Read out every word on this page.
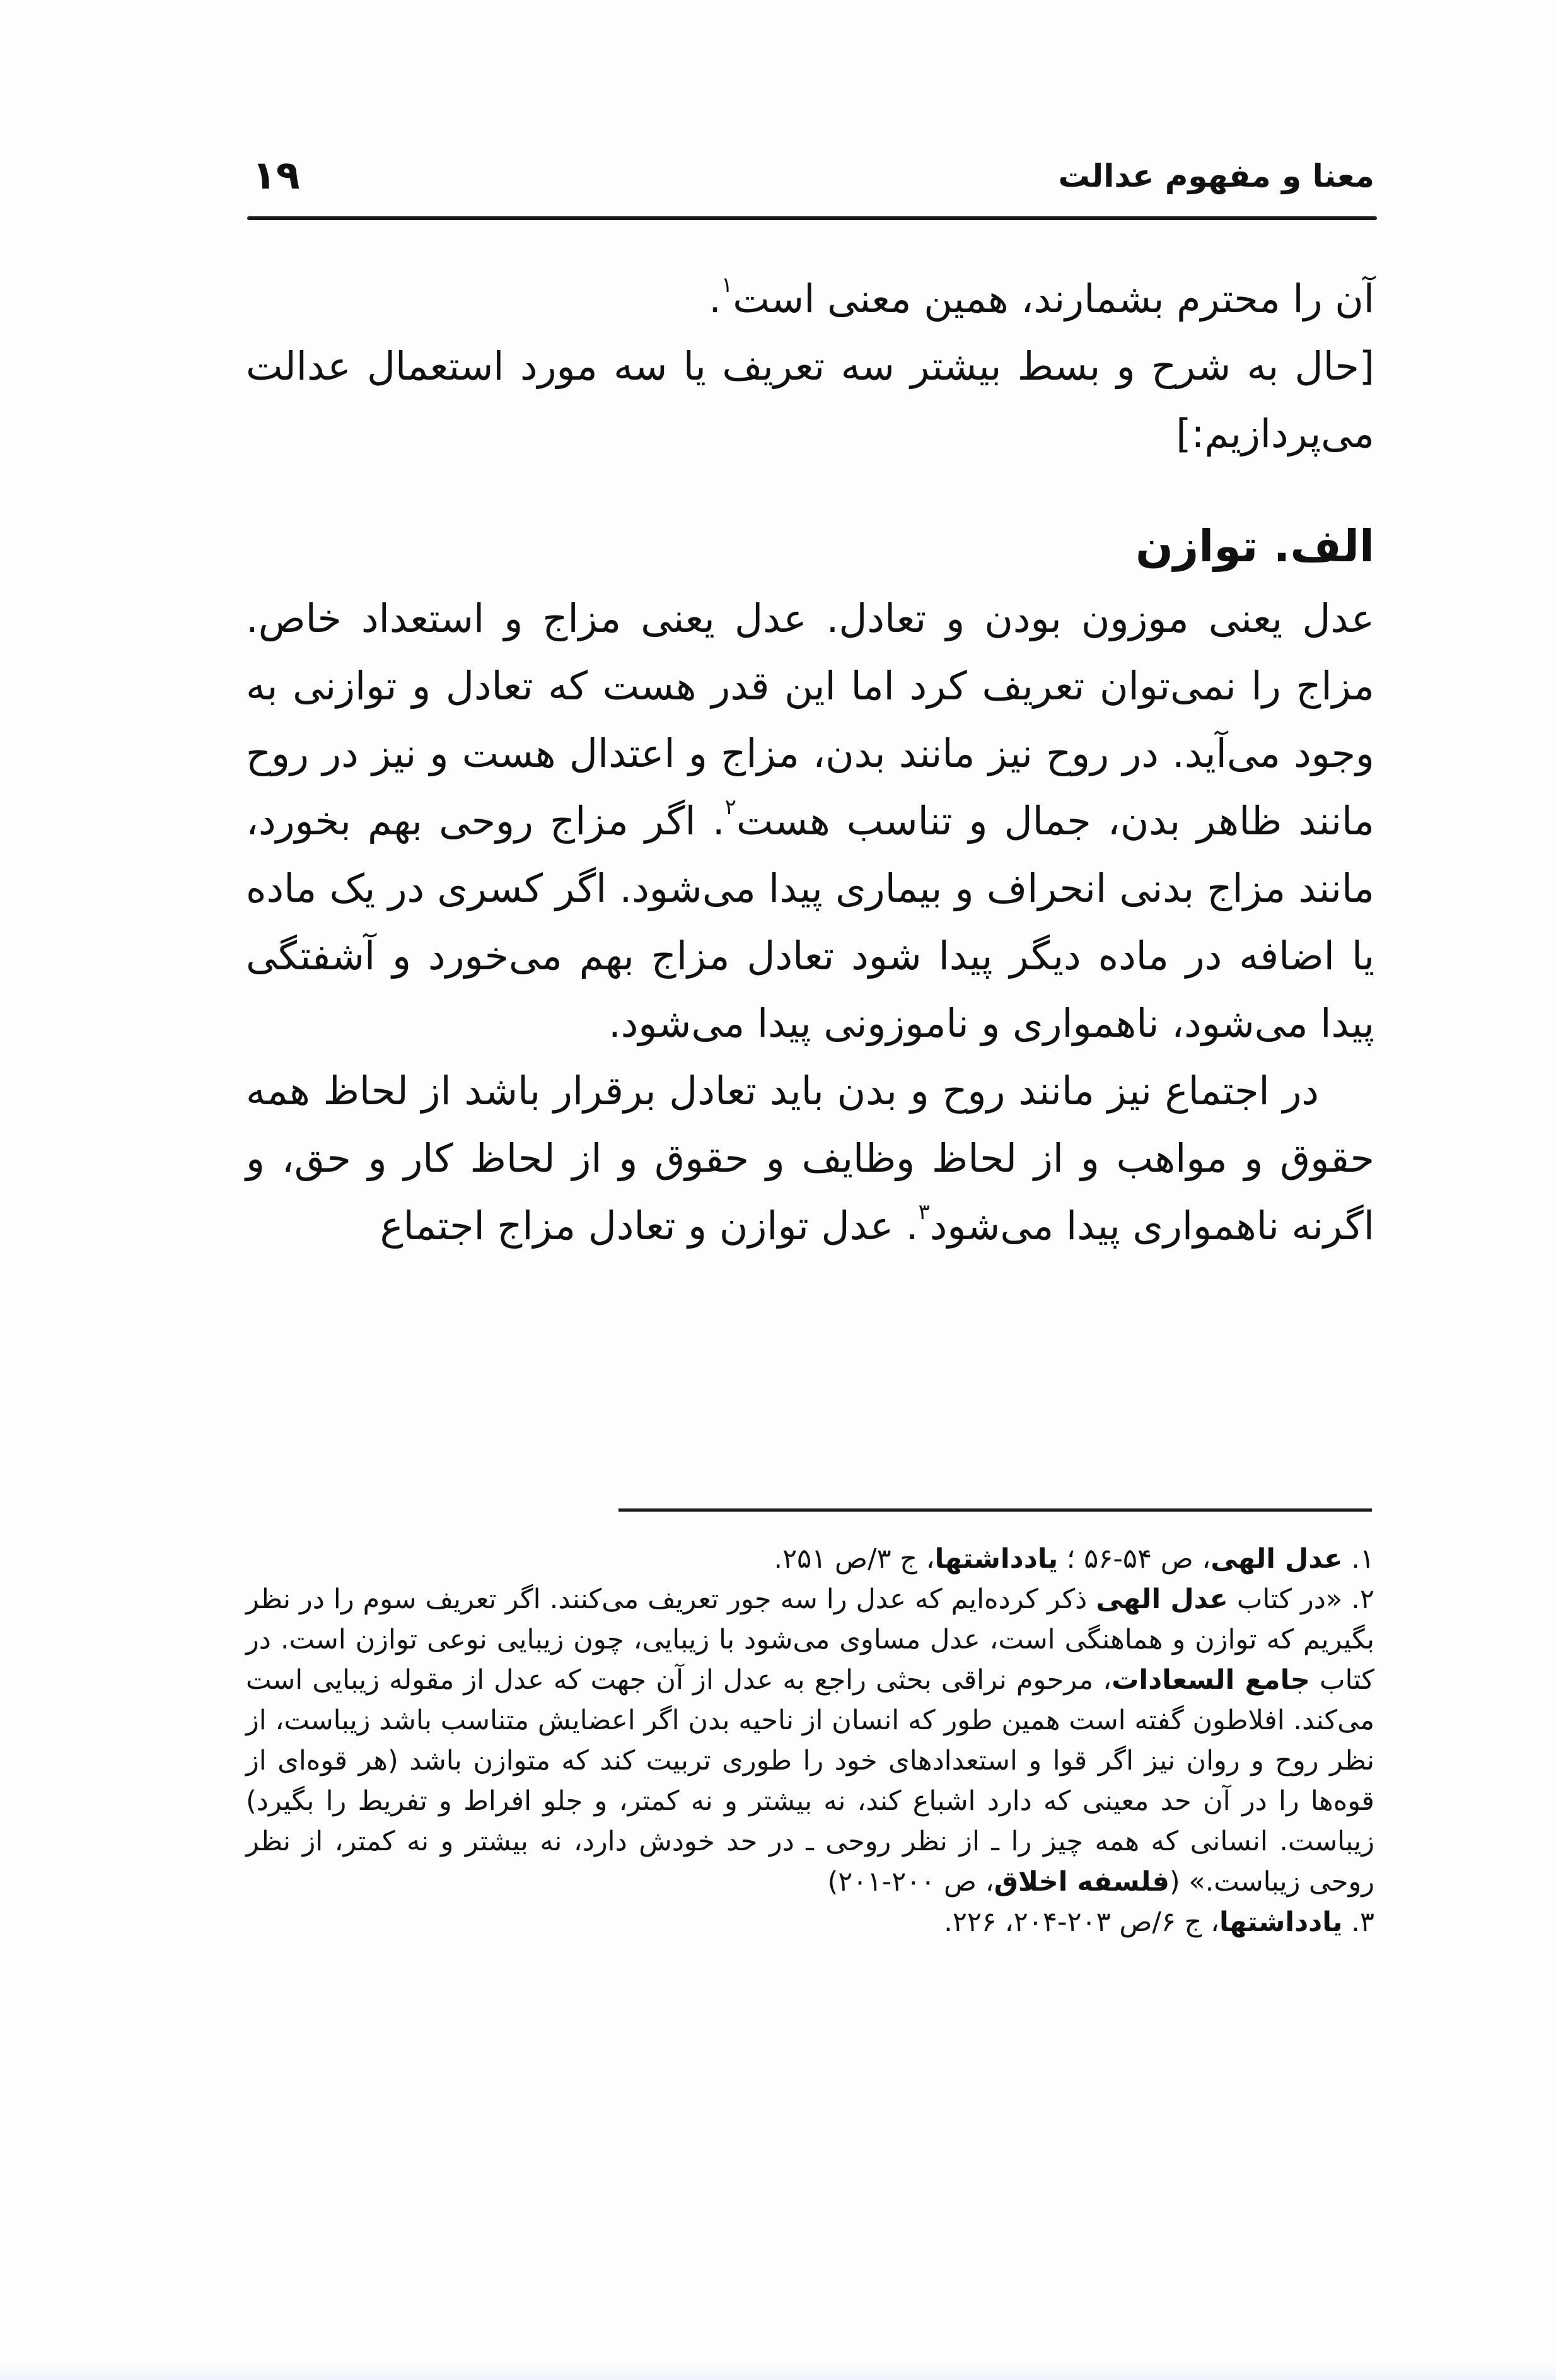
معنا و مفهوم عدالت
۱۹

آن را محترم بشمارند، همین معنی است$^۱$.

[حال به شرح و بسط بیشتر سه تعریف یا سه مورد استعمال عدالت می‌پردازیم:]

الف. توازن

عدل یعنی موزون بودن و تعادل. عدل یعنی مزاج و استعداد خاص. مزاج را نمی‌توان تعریف کرد اما این قدر هست که تعادل و توازنی به وجود می‌آید. در روح نیز مانند بدن، مزاج و اعتدال هست و نیز در روح مانند ظاهر بدن، جمال و تناسب هست$^۲$. اگر مزاج روحی بهم بخورد، مانند مزاج بدنی انحراف و بیماری پیدا می‌شود. اگر کسری در یک ماده یا اضافه در ماده دیگر پیدا شود تعادل مزاج بهم می‌خورد و آشفتگی پیدا می‌شود، ناهمواری و ناموزونی پیدا می‌شود.

در اجتماع نیز مانند روح و بدن باید تعادل برقرار باشد از لحاظ همه حقوق و مواهب و از لحاظ وظایف و حقوق و از لحاظ کار و حق، و اگرنه ناهمواری پیدا می‌شود$^۳$. عدل توازن و تعادل مزاج اجتماع

۱. عدل الهی، ص ۵۴-۵۶ ؛ یادداشتها، ج ۳/ص ۲۵۱.

۲. «در کتاب عدل الهی ذکر کرده‌ایم که عدل را سه جور تعریف می‌کنند. اگر تعریف سوم را در نظر بگیریم که توازن و هماهنگی است، عدل مساوی می‌شود با زیبایی، چون زیبایی نوعی توازن است. در کتاب جامع السعادات، مرحوم نراقی بحثی راجع به عدل از آن جهت که عدل از مقوله زیبایی است می‌کند. افلاطون گفته است همین طور که انسان از ناحیه بدن اگر اعضایش متناسب باشد زیباست، از نظر روح و روان نیز اگر قوا و استعدادهای خود را طوری تربیت کند که متوازن باشد (هر قوه‌ای از قوه‌ها را در آن حد معینی که دارد اشباع کند، نه بیشتر و نه کمتر، و جلو افراط و تفریط را بگیرد) زیباست. انسانی که همه چیز را ـ از نظر روحی ـ در حد خودش دارد، نه بیشتر و نه کمتر، از نظر روحی زیباست.» (فلسفه اخلاق، ص ۲۰۰-۲۰۱)

۳. یادداشتها، ج ۶/ص ۲۰۳-۲۰۴، ۲۲۶.
